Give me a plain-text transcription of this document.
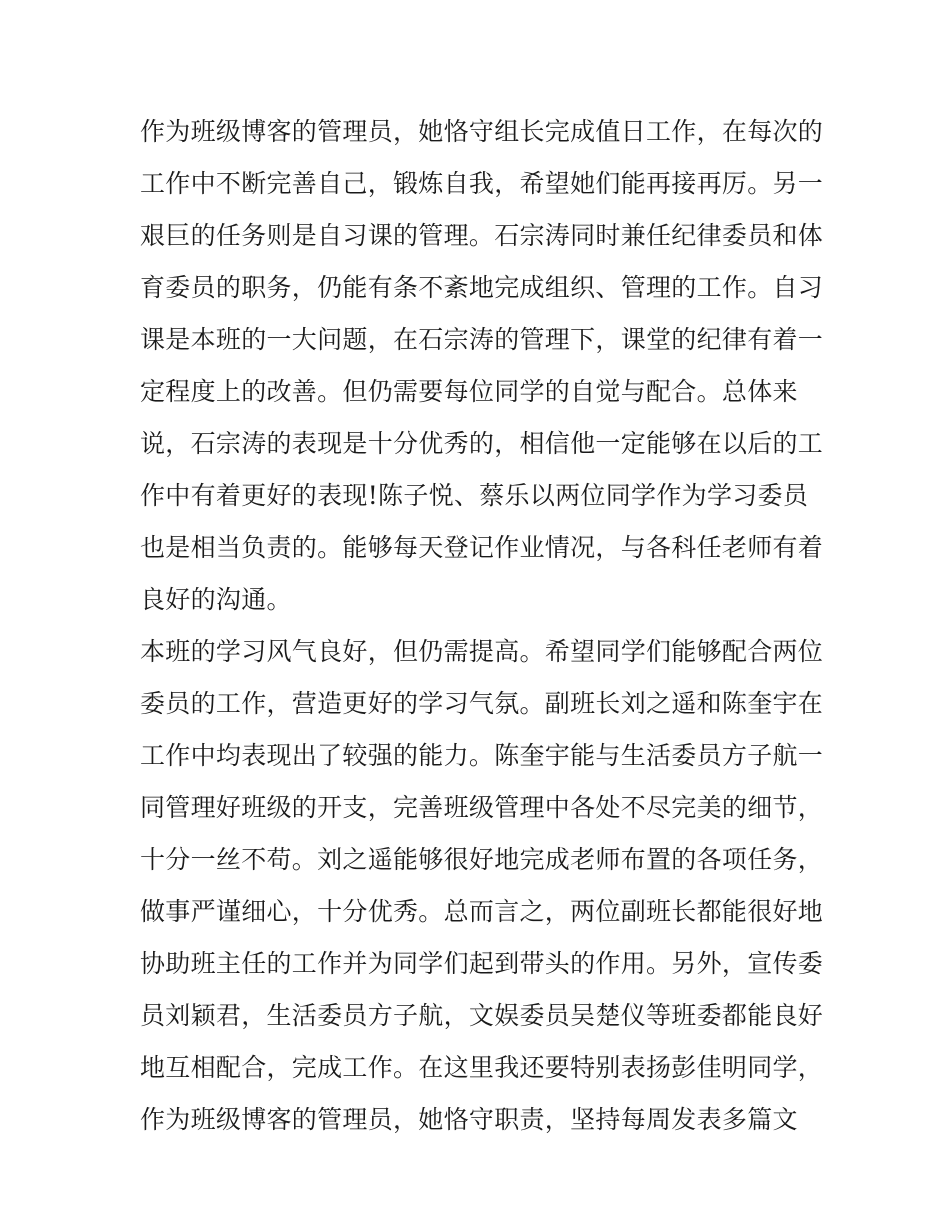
作为班级博客的管理员，她恪守组长完成值日工作，在每次的
工作中不断完善自己，锻炼自我，希望她们能再接再厉。另一
艰巨的任务则是自习课的管理。石宗涛同时兼任纪律委员和体
育委员的职务，仍能有条不紊地完成组织、管理的工作。自习
课是本班的一大问题，在石宗涛的管理下，课堂的纪律有着一
定程度上的改善。但仍需要每位同学的自觉与配合。总体来
说，石宗涛的表现是十分优秀的，相信他一定能够在以后的工
作中有着更好的表现!陈子悦、蔡乐以两位同学作为学习委员
也是相当负责的。能够每天登记作业情况，与各科任老师有着
良好的沟通。
本班的学习风气良好，但仍需提高。希望同学们能够配合两位
委员的工作，营造更好的学习气氛。副班长刘之遥和陈奎宇在
工作中均表现出了较强的能力。陈奎宇能与生活委员方子航一
同管理好班级的开支，完善班级管理中各处不尽完美的细节，
十分一丝不苟。刘之遥能够很好地完成老师布置的各项任务，
做事严谨细心，十分优秀。总而言之，两位副班长都能很好地
协助班主任的工作并为同学们起到带头的作用。另外，宣传委
员刘颖君，生活委员方子航，文娱委员吴楚仪等班委都能良好
地互相配合，完成工作。在这里我还要特别表扬彭佳明同学，
作为班级博客的管理员，她恪守职责，坚持每周发表多篇文
